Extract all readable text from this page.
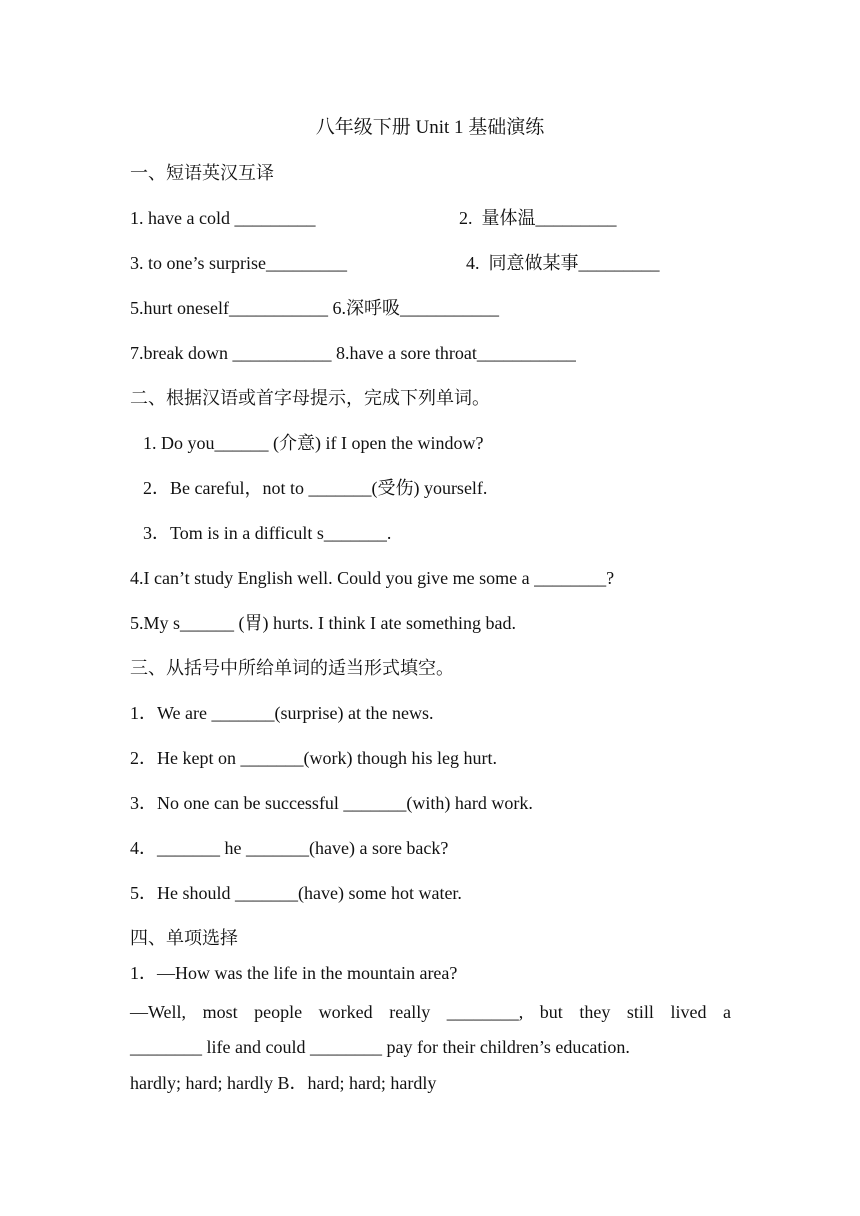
八年级下册 Unit 1 基础演练
一、短语英汉互译
1. have a cold _________	2.  量体温_________
3. to one’s surprise_________	4.  同意做某事_________
5.hurt oneself___________ 6.深呼吸___________
7.break down ___________ 8.have a sore throat___________
二、根据汉语或首字母提示，完成下列单词。
1. Do you______ (介意) if I open the window?
2．Be careful，not to _______(受伤) yourself.
3．Tom is in a difficult s_______.
4.I can’t study English well. Could you give me some a ________?
5.My s______ (胃) hurts. I think I ate something bad.
三、从括号中所给单词的适当形式填空。
1．We are _______(surprise) at the news.
2．He kept on _______(work) though his leg hurt.
3．No one can be successful _______(with) hard work.
4．_______ he _______(have) a sore back?
5．He should _______(have) some hot water.
四、单项选择
1．—How was the life in the mountain area?
—Well, most people worked really ________, but they still lived a
________ life and could ________ pay for their children’s education.
hardly; hard; hardly B．hard; hard; hardly
